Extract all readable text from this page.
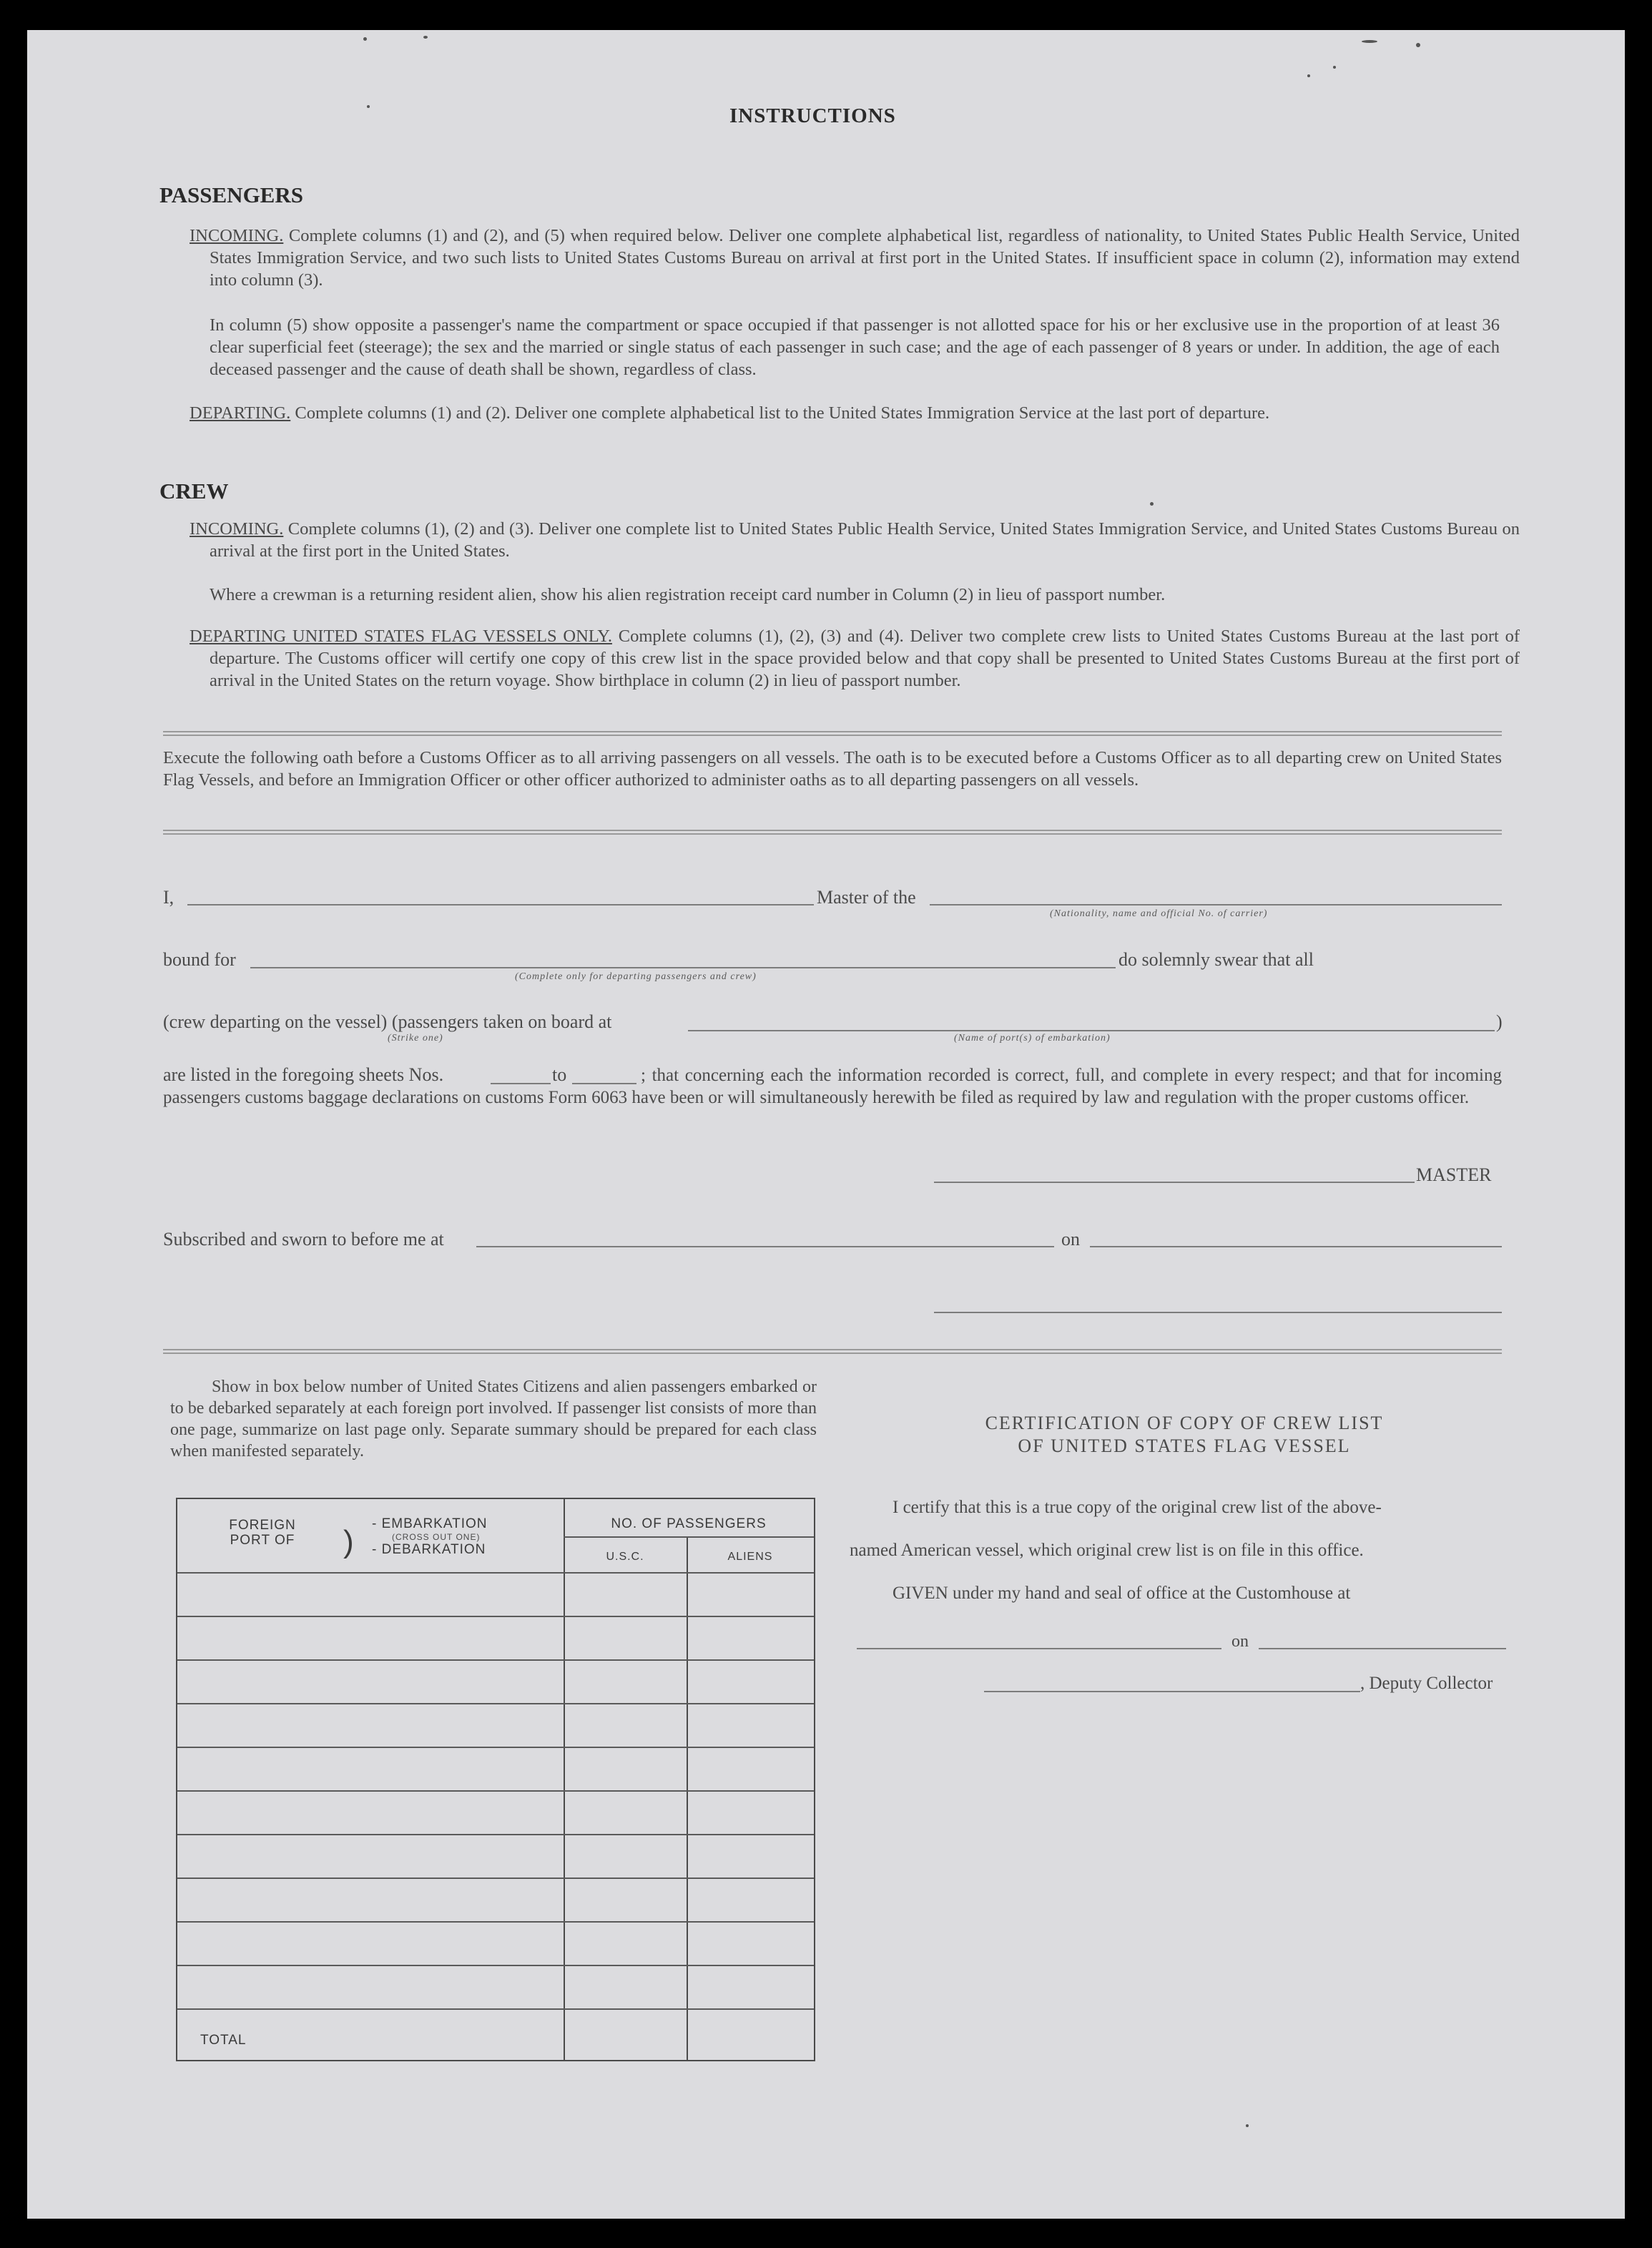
INSTRUCTIONS
PASSENGERS
INCOMING. Complete columns (1) and (2), and (5) when required below. Deliver one complete alphabetical list, regardless of nationality, to United States Public Health Service, United States Immigration Service, and two such lists to United States Customs Bureau on arrival at first port in the United States. If insufficient space in column (2), information may extend into column (3).
In column (5) show opposite a passenger's name the compartment or space occupied if that passenger is not allotted space for his or her exclusive use in the proportion of at least 36 clear superficial feet (steerage); the sex and the married or single status of each passenger in such case; and the age of each passenger of 8 years or under. In addition, the age of each deceased passenger and the cause of death shall be shown, regardless of class.
DEPARTING. Complete columns (1) and (2). Deliver one complete alphabetical list to the United States Immigration Service at the last port of departure.
CREW
INCOMING. Complete columns (1), (2) and (3). Deliver one complete list to United States Public Health Service, United States Immigration Service, and United States Customs Bureau on arrival at the first port in the United States.
Where a crewman is a returning resident alien, show his alien registration receipt card number in Column (2) in lieu of passport number.
DEPARTING UNITED STATES FLAG VESSELS ONLY. Complete columns (1), (2), (3) and (4). Deliver two complete crew lists to United States Customs Bureau at the last port of departure. The Customs officer will certify one copy of this crew list in the space provided below and that copy shall be presented to United States Customs Bureau at the first port of arrival in the United States on the return voyage. Show birthplace in column (2) in lieu of passport number.
Execute the following oath before a Customs Officer as to all arriving passengers on all vessels. The oath is to be executed before a Customs Officer as to all departing crew on United States Flag Vessels, and before an Immigration Officer or other officer authorized to administer oaths as to all departing passengers on all vessels.
I,	Master of the
(Nationality, name and official No. of carrier)
bound for
(Complete only for departing passengers and crew)
do solemnly swear that all
(crew departing on the vessel) (passengers taken on board at	)
(Strike one)	(Name of port(s) of embarkation)
are listed in the foregoing sheets Nos.	to	; that concerning each the information recorded is correct, full, and complete in every respect; and that for incoming passengers customs baggage declarations on customs Form 6063 have been or will simultaneously herewith be filed as required by law and regulation with the proper customs officer.
MASTER
Subscribed and sworn to before me at	on
Show in box below number of United States Citizens and alien passengers embarked or to be debarked separately at each foreign port involved. If passenger list consists of more than one page, summarize on last page only. Separate summary should be prepared for each class when manifested separately.
FOREIGN PORT OF	)
- EMBARKATION
(CROSS OUT ONE)
- DEBARKATION
NO. OF PASSENGERS
U.S.C.	ALIENS
TOTAL
CERTIFICATION OF COPY OF CREW LIST
OF UNITED STATES FLAG VESSEL
I certify that this is a true copy of the original crew list of the above-
named American vessel, which original crew list is on file in this office.
GIVEN under my hand and seal of office at the Customhouse at
on
, Deputy Collector
